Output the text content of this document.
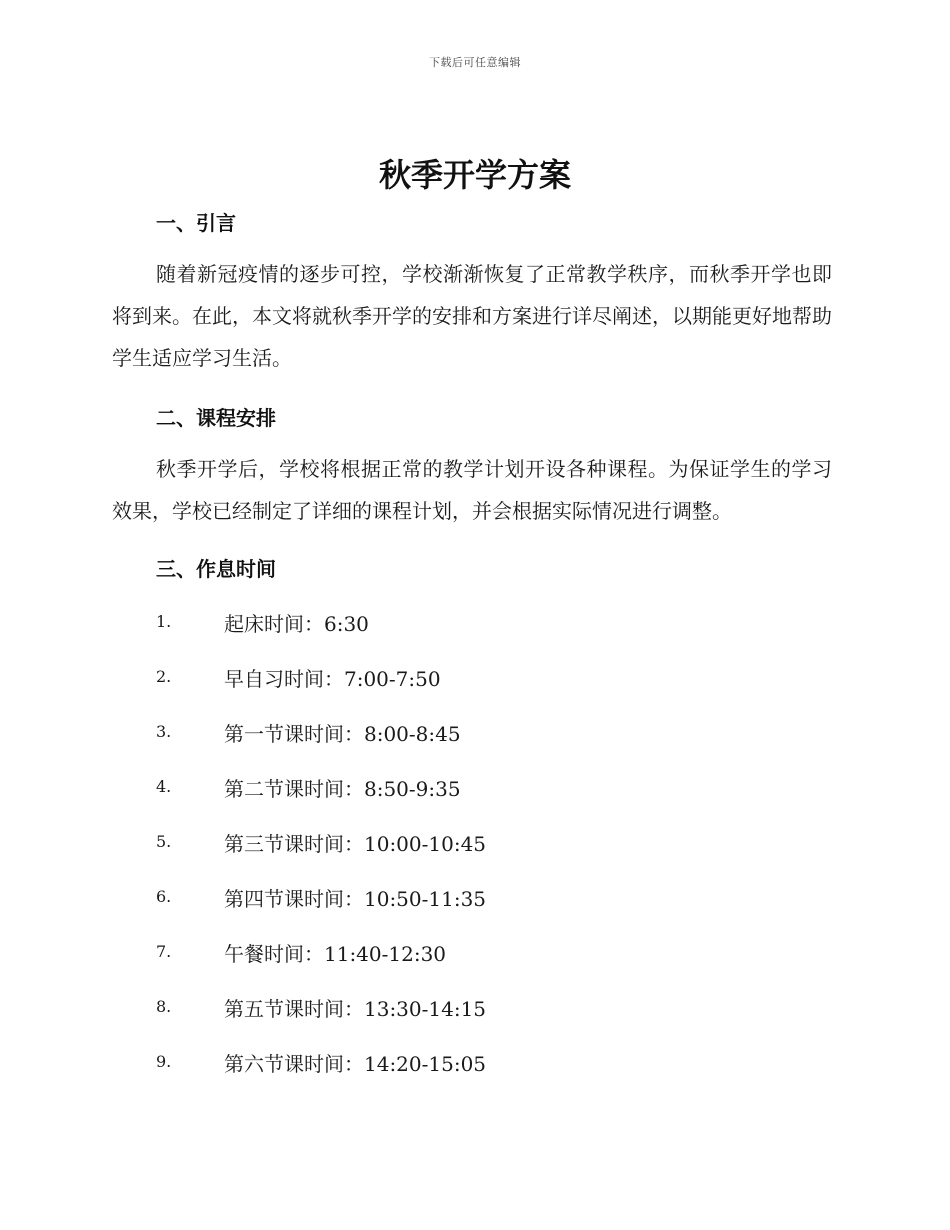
下载后可任意编辑
秋季开学方案
一、引言

随着新冠疫情的逐步可控，学校渐渐恢复了正常教学秩序，而秋季开学也即将到来。在此，本文将就秋季开学的安排和方案进行详尽阐述，以期能更好地帮助学生适应学习生活。

二、课程安排

秋季开学后，学校将根据正常的教学计划开设各种课程。为保证学生的学习效果，学校已经制定了详细的课程计划，并会根据实际情况进行调整。

三、作息时间
1.	起床时间：6:30
2.	早自习时间：7:00-7:50
3.	第一节课时间：8:00-8:45
4.	第二节课时间：8:50-9:35
5.	第三节课时间：10:00-10:45
6.	第四节课时间：10:50-11:35
7.	午餐时间：11:40-12:30
8.	第五节课时间：13:30-14:15
9.	第六节课时间：14:20-15:05
